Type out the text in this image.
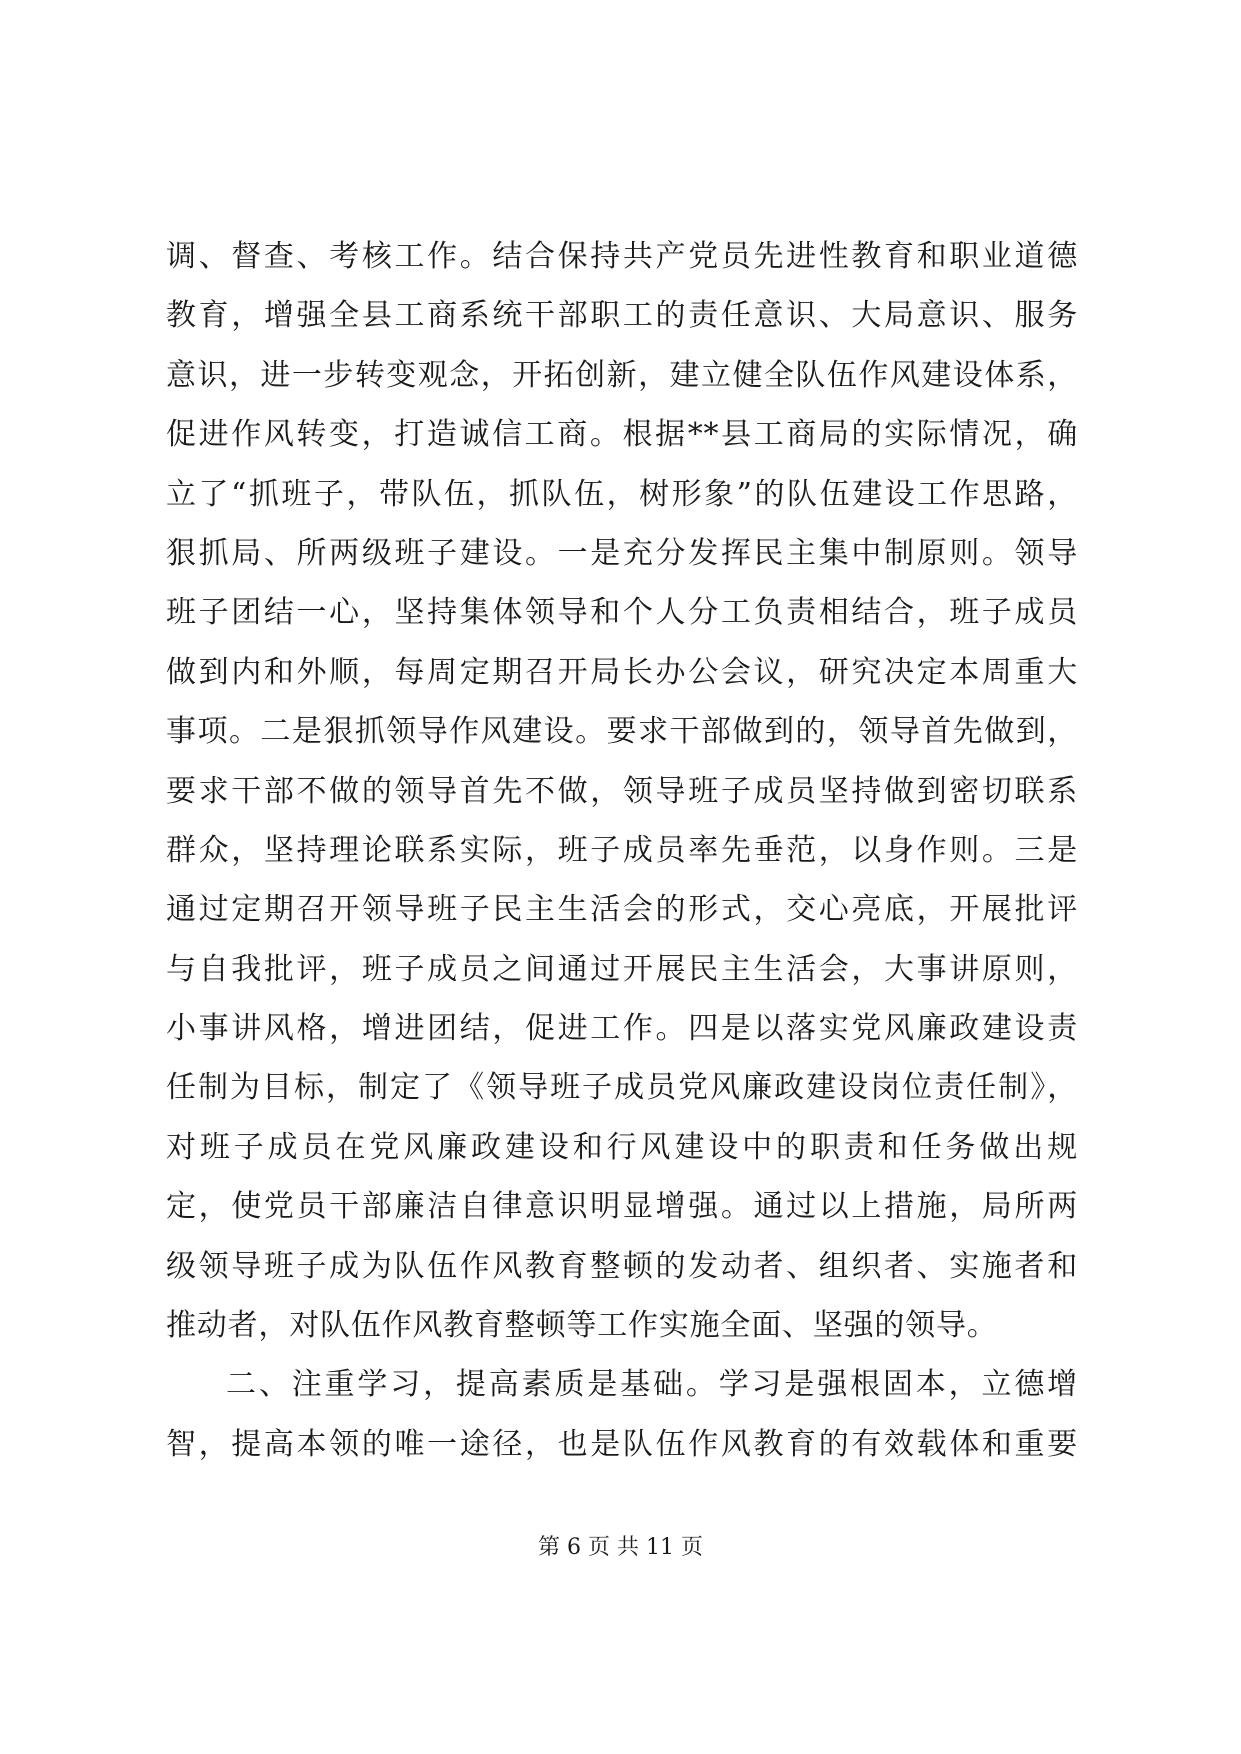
调、督查、考核工作。结合保持共产党员先进性教育和职业道德
教育，增强全县工商系统干部职工的责任意识、大局意识、服务
意识，进一步转变观念，开拓创新，建立健全队伍作风建设体系，
促进作风转变，打造诚信工商。根据**县工商局的实际情况，确
立了“抓班子，带队伍，抓队伍，树形象”的队伍建设工作思路，
狠抓局、所两级班子建设。一是充分发挥民主集中制原则。领导
班子团结一心，坚持集体领导和个人分工负责相结合，班子成员
做到内和外顺，每周定期召开局长办公会议，研究决定本周重大
事项。二是狠抓领导作风建设。要求干部做到的，领导首先做到，
要求干部不做的领导首先不做，领导班子成员坚持做到密切联系
群众，坚持理论联系实际，班子成员率先垂范，以身作则。三是
通过定期召开领导班子民主生活会的形式，交心亮底，开展批评
与自我批评，班子成员之间通过开展民主生活会，大事讲原则，
小事讲风格，增进团结，促进工作。四是以落实党风廉政建设责
任制为目标，制定了《领导班子成员党风廉政建设岗位责任制》，
对班子成员在党风廉政建设和行风建设中的职责和任务做出规
定，使党员干部廉洁自律意识明显增强。通过以上措施，局所两
级领导班子成为队伍作风教育整顿的发动者、组织者、实施者和
推动者，对队伍作风教育整顿等工作实施全面、坚强的领导。
二、注重学习，提高素质是基础。学习是强根固本，立德增
智，提高本领的唯一途径，也是队伍作风教育的有效载体和重要
第 6 页 共 11 页
